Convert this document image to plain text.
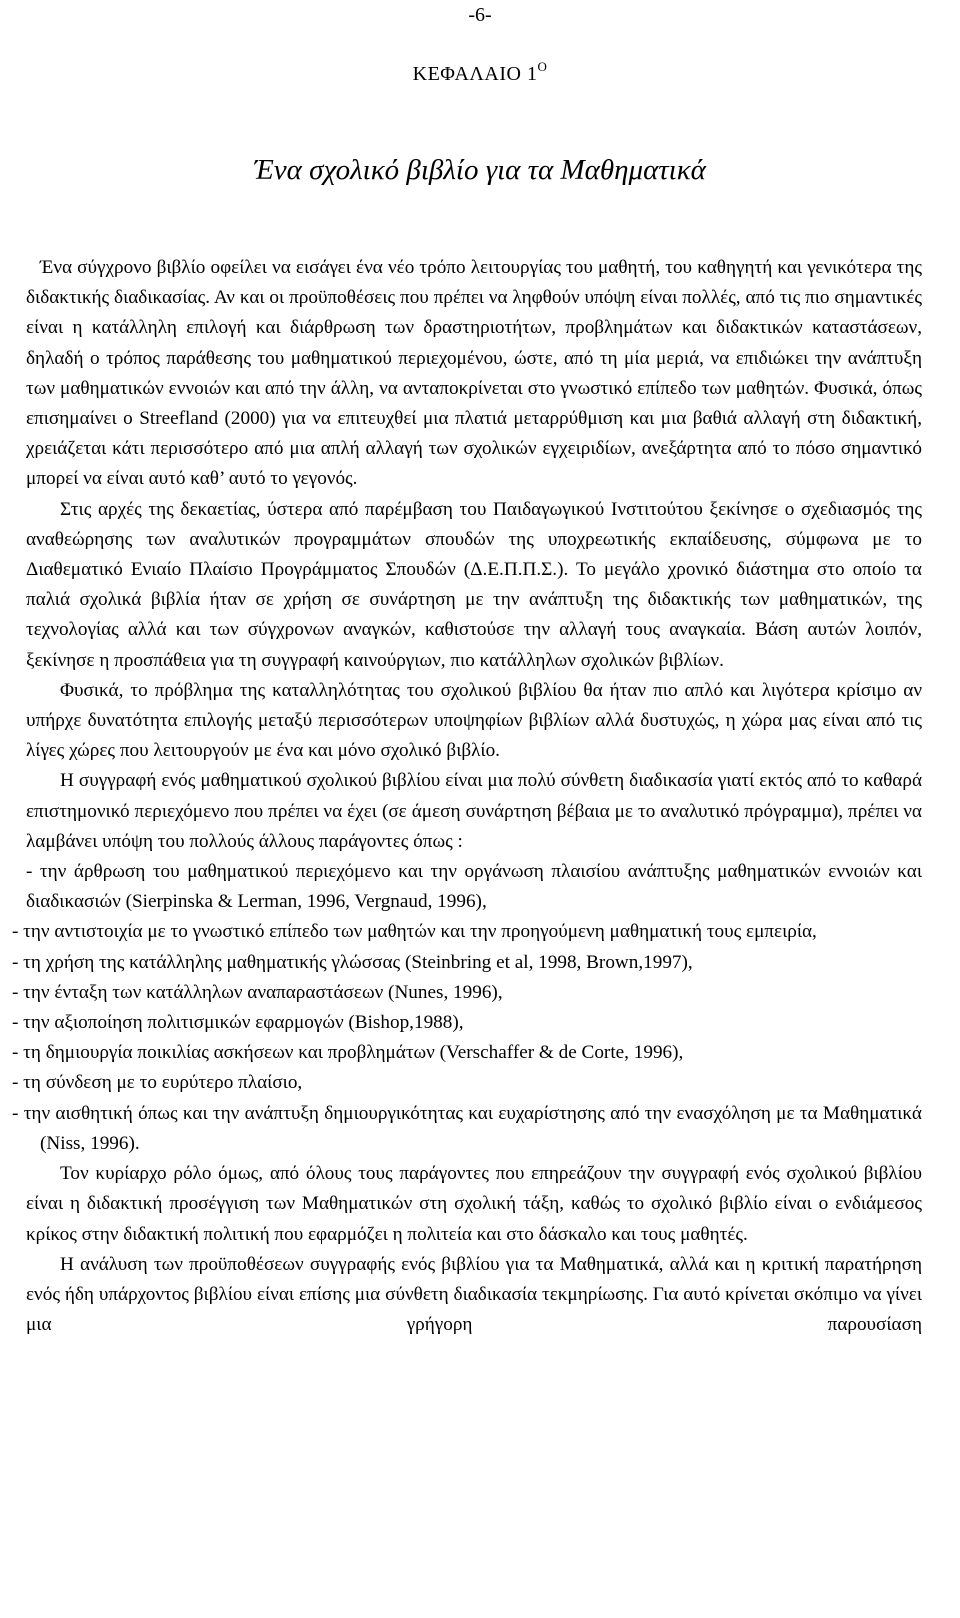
-6-
ΚΕΦΑΛΑΙΟ $1^O$
Ένα σχολικό βιβλίο για τα Μαθηματικά

Ένα σύγχρονο βιβλίο οφείλει να εισάγει ένα νέο τρόπο λειτουργίας του μαθητή, του καθηγητή και γενικότερα της διδακτικής διαδικασίας. Αν και οι προϋποθέσεις που πρέπει να ληφθούν υπόψη είναι πολλές, από τις πιο σημαντικές είναι η κατάλληλη επιλογή και διάρθρωση των δραστηριοτήτων, προβλημάτων και διδακτικών καταστάσεων, δηλαδή ο τρόπος παράθεσης του μαθηματικού περιεχομένου, ώστε, από τη μία μεριά, να επιδιώκει την ανάπτυξη των μαθηματικών εννοιών και από την άλλη, να ανταποκρίνεται στο γνωστικό επίπεδο των μαθητών. Φυσικά, όπως επισημαίνει ο Streefland (2000) για να επιτευχθεί μια πλατιά μεταρρύθμιση και μια βαθιά αλλαγή στη διδακτική, χρειάζεται κάτι περισσότερο από μια απλή αλλαγή των σχολικών εγχειριδίων, ανεξάρτητα από το πόσο σημαντικό μπορεί να είναι αυτό καθ’ αυτό το γεγονός.

Στις αρχές της δεκαετίας, ύστερα από παρέμβαση του Παιδαγωγικού Ινστιτούτου ξεκίνησε ο σχεδιασμός της αναθεώρησης των αναλυτικών προγραμμάτων σπουδών της υποχρεωτικής εκπαίδευσης, σύμφωνα με το Διαθεματικό Ενιαίο Πλαίσιο Προγράμματος Σπουδών (Δ.Ε.Π.Π.Σ.). Το μεγάλο χρονικό διάστημα στο οποίο τα παλιά σχολικά βιβλία ήταν σε χρήση σε συνάρτηση με την ανάπτυξη της διδακτικής των μαθηματικών, της τεχνολογίας αλλά και των σύγχρονων αναγκών, καθιστούσε την αλλαγή τους αναγκαία. Βάση αυτών λοιπόν, ξεκίνησε η προσπάθεια για τη συγγραφή καινούργιων, πιο κατάλληλων σχολικών βιβλίων.

Φυσικά, το πρόβλημα της καταλληλότητας του σχολικού βιβλίου θα ήταν πιο απλό και λιγότερα κρίσιμο αν υπήρχε δυνατότητα επιλογής μεταξύ περισσότερων υποψηφίων βιβλίων αλλά δυστυχώς, η χώρα μας είναι από τις λίγες χώρες που λειτουργούν με ένα και μόνο σχολικό βιβλίο.

Η συγγραφή ενός μαθηματικού σχολικού βιβλίου είναι μια πολύ σύνθετη διαδικασία γιατί εκτός από το καθαρά επιστημονικό περιεχόμενο που πρέπει να έχει (σε άμεση συνάρτηση βέβαια με το αναλυτικό πρόγραμμα), πρέπει να λαμβάνει υπόψη του πολλούς άλλους παράγοντες όπως :

- την άρθρωση του μαθηματικού περιεχόμενο και την οργάνωση πλαισίου ανάπτυξης μαθηματικών εννοιών και διαδικασιών (Sierpinska & Lerman, 1996, Vergnaud, 1996),

- την αντιστοιχία με το γνωστικό επίπεδο των μαθητών και την προηγούμενη μαθηματική τους εμπειρία,

- τη χρήση της κατάλληλης μαθηματικής γλώσσας (Steinbring et al, 1998, Brown,1997),

- την ένταξη των κατάλληλων αναπαραστάσεων (Nunes, 1996),

- την αξιοποίηση πολιτισμικών εφαρμογών (Bishop,1988),

- τη δημιουργία ποικιλίας ασκήσεων και προβλημάτων (Verschaffer & de Corte, 1996),

- τη σύνδεση με το ευρύτερο πλαίσιο,

- την αισθητική όπως και την ανάπτυξη δημιουργικότητας και ευχαρίστησης από την ενασχόληση με τα Μαθηματικά (Niss, 1996).

Τον κυρίαρχο ρόλο όμως, από όλους τους παράγοντες που επηρεάζουν την συγγραφή ενός σχολικού βιβλίου είναι η διδακτική προσέγγιση των Μαθηματικών στη σχολική τάξη, καθώς το σχολικό βιβλίο είναι ο ενδιάμεσος κρίκος στην διδακτική πολιτική που εφαρμόζει η πολιτεία και στο δάσκαλο και τους μαθητές.

Η ανάλυση των προϋποθέσεων συγγραφής ενός βιβλίου για τα Μαθηματικά, αλλά και η κριτική παρατήρηση ενός ήδη υπάρχοντος βιβλίου είναι επίσης μια σύνθετη διαδικασία τεκμηρίωσης. Για αυτό κρίνεται σκόπιμο να γίνει μια γρήγορη παρουσίαση
